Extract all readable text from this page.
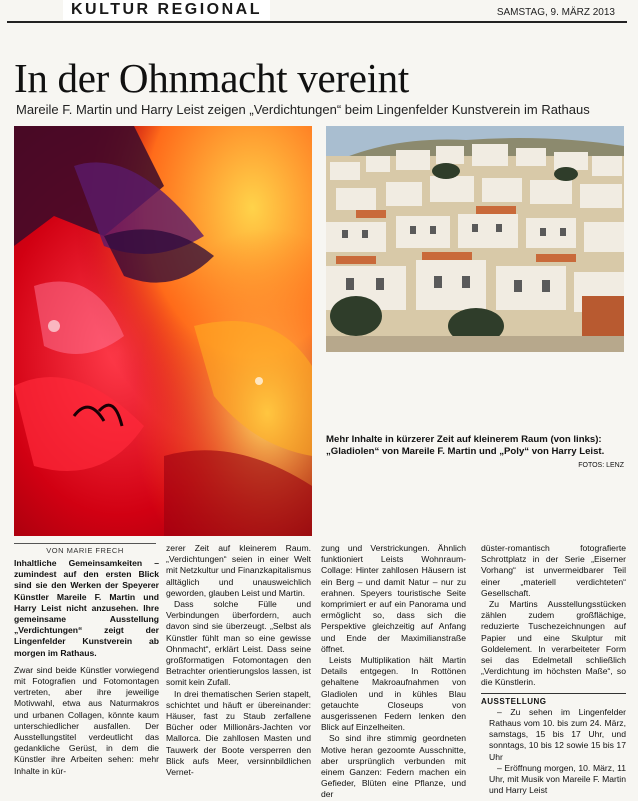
KULTUR REGIONAL	SAMSTAG, 9. MÄRZ 2013
In der Ohnmacht vereint
Mareile F. Martin und Harry Leist zeigen „Verdichtungen“ beim Lingenfelder Kunstverein im Rathaus
Mehr Inhalte in kürzerer Zeit auf kleinerem Raum (von links): „Gladiolen“ von Mareile F. Martin und „Poly“ von Harry Leist.
FOTOS: LENZ
VON MARIE FRECH

Inhaltliche Gemeinsamkeiten – zumindest auf den ersten Blick sind sie den Werken der Speyerer Künstler Mareile F. Martin und Harry Leist nicht anzusehen. Ihre gemeinsame Ausstellung „Verdichtungen“ zeigt der Lingenfelder Kunstverein ab morgen im Rathaus.

Zwar sind beide Künstler vorwiegend mit Fotografien und Fotomontagen vertreten, aber ihre jeweilige Motivwahl, etwa aus Naturmakros und urbanen Collagen, könnte kaum unterschiedlicher ausfallen. Der Ausstellungstitel verdeutlicht das gedankliche Gerüst, in dem die Künstler ihre Arbeiten sehen: mehr Inhalte in kür-

zerer Zeit auf kleinerem Raum. „Verdichtungen“ seien in einer Welt mit Netzkultur und Finanzkapitalismus alltäglich und unausweichlich geworden, glauben Leist und Martin.

Dass solche Fülle und Verbindungen überfordern, auch davon sind sie überzeugt. „Selbst als Künstler fühlt man so eine gewisse Ohnmacht“, erklärt Leist. Dass seine großformatigen Fotomontagen den Betrachter orientierungslos lassen, ist somit kein Zufall.

In drei thematischen Serien stapelt, schichtet und häuft er übereinander: Häuser, fast zu Staub zerfallene Bücher oder Millionärs-Jachten vor Mallorca. Die zahllosen Masten und Tauwerk der Boote versperren den Blick aufs Meer, versinnbildlichen Vernet-

zung und Verstrickungen. Ähnlich funktioniert Leists Wohnraum-Collage: Hinter zahllosen Häusern ist ein Berg – und damit Natur – nur zu erahnen. Speyers touristische Seite komprimiert er auf ein Panorama und ermöglicht so, dass sich die Perspektive gleichzeitig auf Anfang und Ende der Maximilianstraße öffnet.

Leists Multiplikation hält Martin Details entgegen. In Rottönen gehaltene Makroaufnahmen von Gladiolen und in kühles Blau getauchte Closeups von ausgerissenen Federn lenken den Blick auf Einzelheiten.

So sind ihre stimmig geordneten Motive heran gezoomte Ausschnitte, aber ursprünglich verbunden mit einem Ganzen: Federn machen ein Gefieder, Blüten eine Pflanze, und der

düster-romantisch fotografierte Schrottplatz in der Serie „Eiserner Vorhang“ ist unvermeidbarer Teil einer „materiell verdichteten“ Gesellschaft.

Zu Martins Ausstellungsstücken zählen zudem großflächige, reduzierte Tuschezeichnungen auf Papier und eine Skulptur mit Goldelement. In verarbeiteter Form sei das Edelmetall schließlich „Verdichtung im höchsten Maße“, so die Künstlerin.

AUSSTELLUNG

– Zu sehen im Lingenfelder Rathaus vom 10. bis zum 24. März, samstags, 15 bis 17 Uhr, und sonntags, 10 bis 12 sowie 15 bis 17 Uhr

– Eröffnung morgen, 10. März, 11 Uhr, mit Musik von Mareile F. Martin und Harry Leist
